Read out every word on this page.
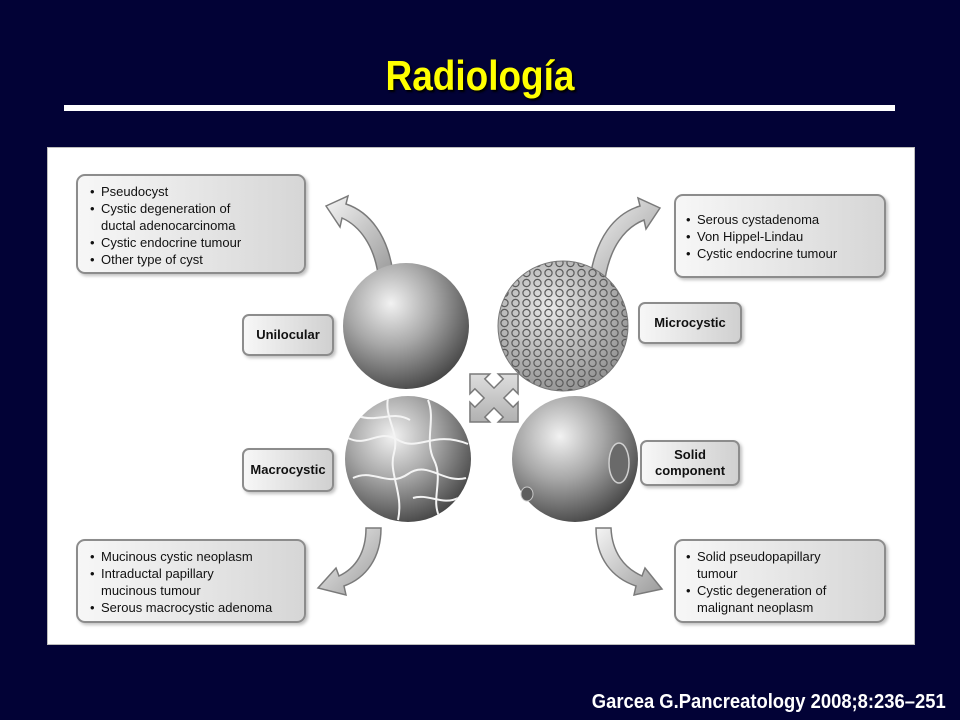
Radiología
• Pseudocyst
• Cystic degeneration of
ductal adenocarcinoma
• Cystic endocrine tumour
• Other type of cyst
• Serous cystadenoma
• Von Hippel-Lindau
• Cystic endocrine tumour
• Mucinous cystic neoplasm
• Intraductal papillary
mucinous tumour
• Serous macrocystic adenoma
• Solid pseudopapillary
tumour
• Cystic degeneration of
malignant neoplasm
Unilocular
Microcystic
Macrocystic
Solid
component
Garcea G.Pancreatology 2008;8:236–251
